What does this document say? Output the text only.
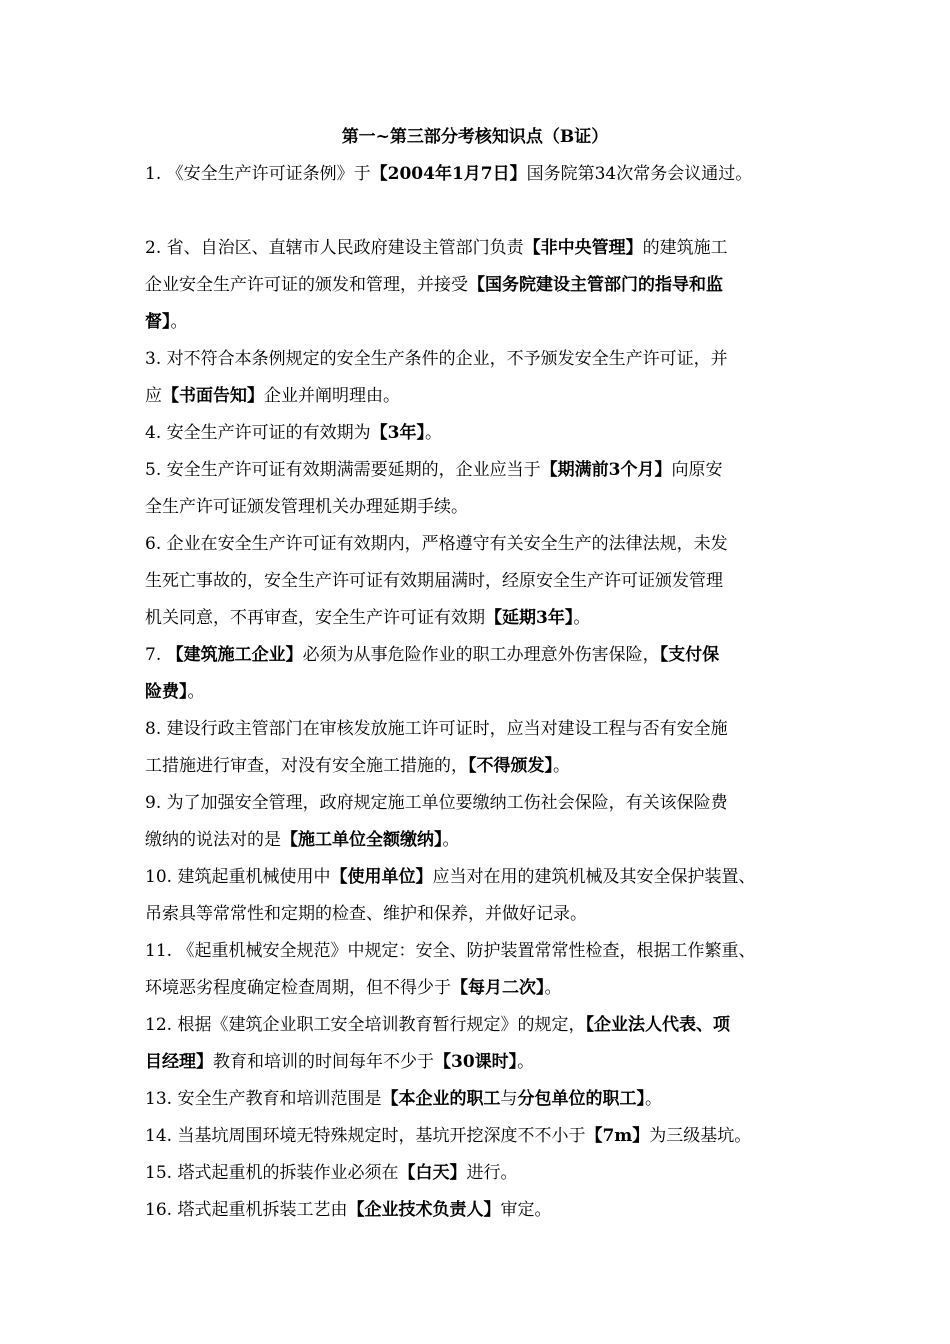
第一~第三部分考核知识点（B证）

1. 《安全生产许可证条例》于【2004年1月7日】国务院第34次常务会议通过。

2. 省、自治区、直辖市人民政府建设主管部门负责【非中央管理】的建筑施工
企业安全生产许可证的颁发和管理，并接受【国务院建设主管部门的指导和监
督】。

3. 对不符合本条例规定的安全生产条件的企业，不予颁发安全生产许可证，并
应【书面告知】企业并阐明理由。

4. 安全生产许可证的有效期为【3年】。

5. 安全生产许可证有效期满需要延期的，企业应当于【期满前3个月】向原安
全生产许可证颁发管理机关办理延期手续。

6. 企业在安全生产许可证有效期内，严格遵守有关安全生产的法律法规，未发
生死亡事故的，安全生产许可证有效期届满时，经原安全生产许可证颁发管理
机关同意，不再审查，安全生产许可证有效期【延期3年】。

7. 【建筑施工企业】必须为从事危险作业的职工办理意外伤害保险，【支付保
险费】。

8. 建设行政主管部门在审核发放施工许可证时，应当对建设工程与否有安全施
工措施进行审查，对没有安全施工措施的，【不得颁发】。

9. 为了加强安全管理，政府规定施工单位要缴纳工伤社会保险，有关该保险费
缴纳的说法对的是【施工单位全额缴纳】。

10. 建筑起重机械使用中【使用单位】应当对在用的建筑机械及其安全保护装置、
吊索具等常常性和定期的检查、维护和保养，并做好记录。

11. 《起重机械安全规范》中规定：安全、防护装置常常性检查，根据工作繁重、
环境恶劣程度确定检查周期，但不得少于【每月二次】。

12. 根据《建筑企业职工安全培训教育暂行规定》的规定，【企业法人代表、项
目经理】教育和培训的时间每年不少于【30课时】。

13. 安全生产教育和培训范围是【本企业的职工与分包单位的职工】。

14. 当基坑周围环境无特殊规定时，基坑开挖深度不不小于【7m】为三级基坑。

15. 塔式起重机的拆装作业必须在【白天】进行。

16. 塔式起重机拆装工艺由【企业技术负责人】审定。
